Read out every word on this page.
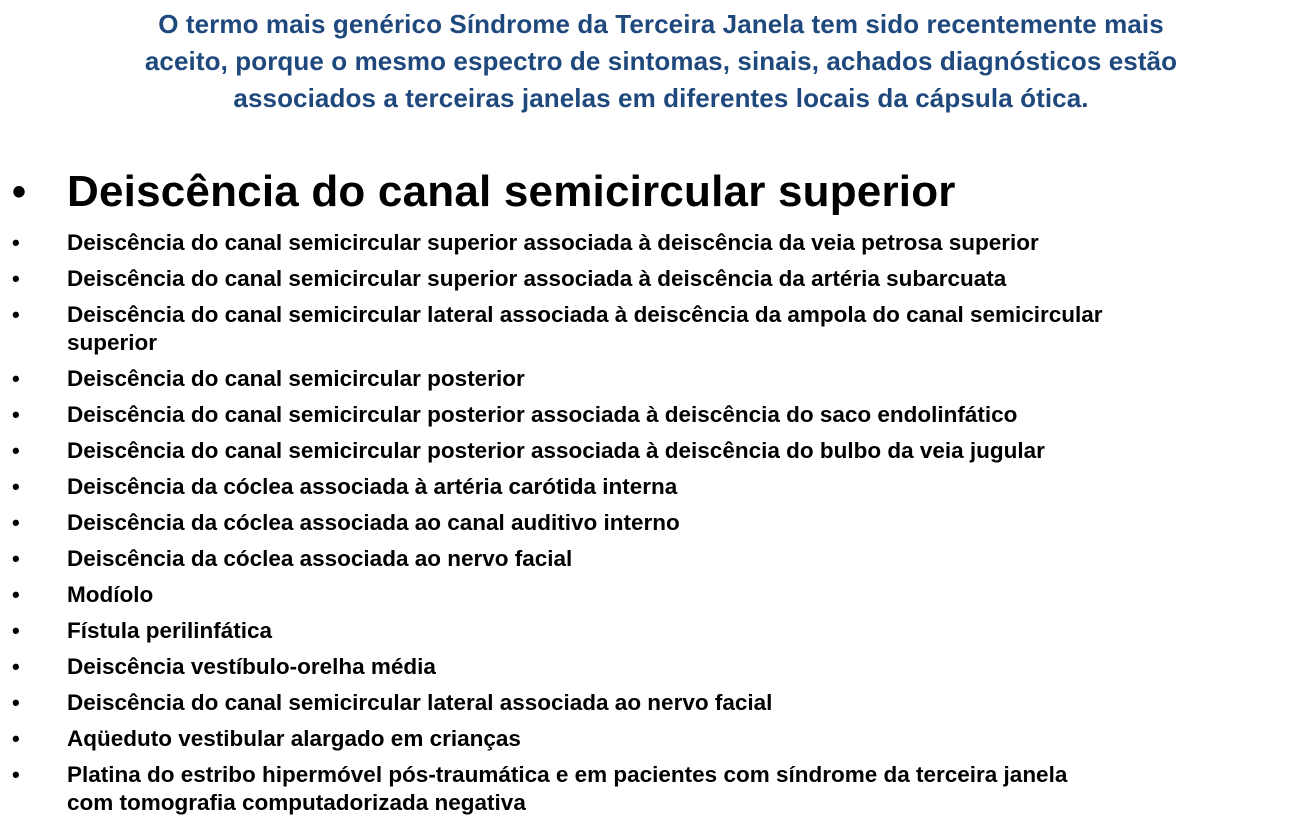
O termo mais genérico Síndrome da Terceira Janela tem sido recentemente mais
aceito, porque o mesmo espectro de sintomas, sinais, achados diagnósticos estão
associados a terceiras janelas em diferentes locais da cápsula ótica.
• Deiscência do canal semicircular superior
•	Deiscência do canal semicircular superior associada à deiscência da veia petrosa superior
•	Deiscência do canal semicircular superior associada à deiscência da artéria subarcuata
•	Deiscência do canal semicircular lateral associada à deiscência da ampola do canal semicircular
superior
•	Deiscência do canal semicircular posterior
•	Deiscência do canal semicircular posterior associada à deiscência do saco endolinfático
•	Deiscência do canal semicircular posterior associada à deiscência do bulbo da veia jugular
•	Deiscência da cóclea associada à artéria carótida interna
•	Deiscência da cóclea associada ao canal auditivo interno
•	Deiscência da cóclea associada ao nervo facial
•	Modíolo
•	Fístula perilinfática
•	Deiscência vestíbulo-orelha média
•	Deiscência do canal semicircular lateral associada ao nervo facial
•	Aqüeduto vestibular alargado em crianças
•	Platina do estribo hipermóvel pós-traumática e em pacientes com síndrome da terceira janela
com tomografia computadorizada negativa
